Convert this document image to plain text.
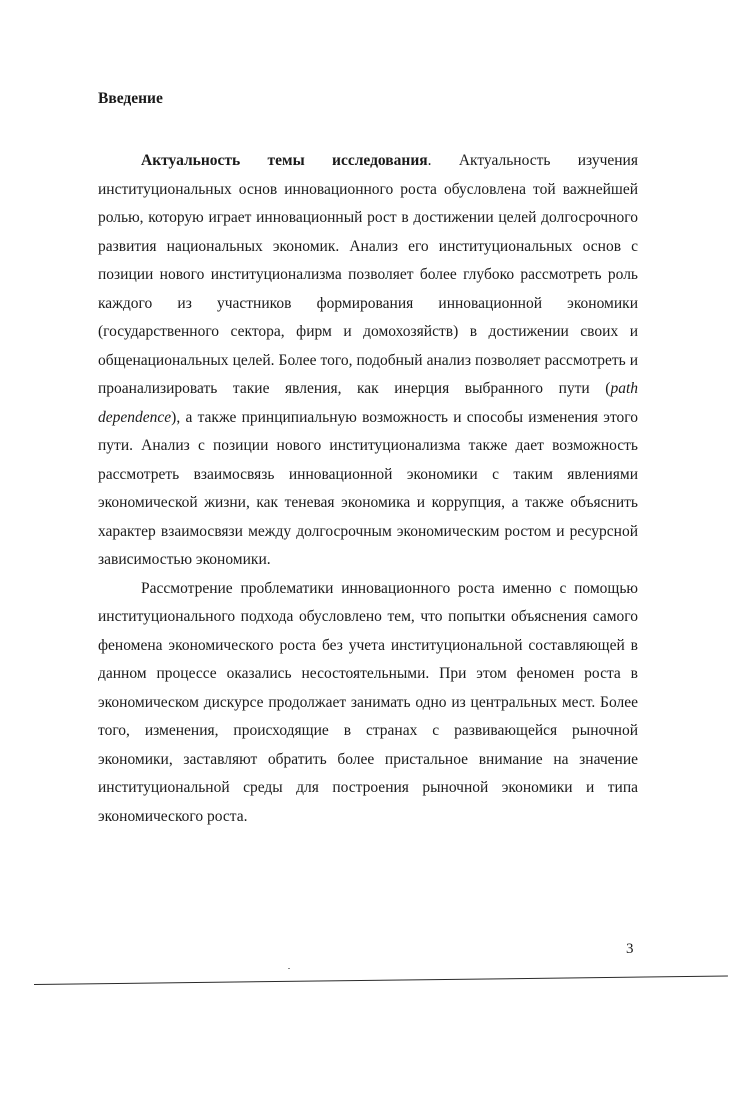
Введение

Актуальность темы исследования. Актуальность изучения институциональных основ инновационного роста обусловлена той важнейшей ролью, которую играет инновационный рост в достижении целей долгосрочного развития национальных экономик. Анализ его институциональных основ с позиции нового институционализма позволяет более глубоко рассмотреть роль каждого из участников формирования инновационной экономики (государственного сектора, фирм и домохозяйств) в достижении своих и общенациональных целей. Более того, подобный анализ позволяет рассмотреть и проанализировать такие явления, как инерция выбранного пути (path dependence), а также принципиальную возможность и способы изменения этого пути. Анализ с позиции нового институционализма также дает возможность рассмотреть взаимосвязь инновационной экономики с таким явлениями экономической жизни, как теневая экономика и коррупция, а также объяснить характер взаимосвязи между долгосрочным экономическим ростом и ресурсной зависимостью экономики.

Рассмотрение проблематики инновационного роста именно с помощью институционального подхода обусловлено тем, что попытки объяснения самого феномена экономического роста без учета институциональной составляющей в данном процессе оказались несостоятельными. При этом феномен роста в экономическом дискурсе продолжает занимать одно из центральных мест. Более того, изменения, происходящие в странах с развивающейся рыночной экономики, заставляют обратить более пристальное внимание на значение институциональной среды для построения рыночной экономики и типа экономического роста.

3
